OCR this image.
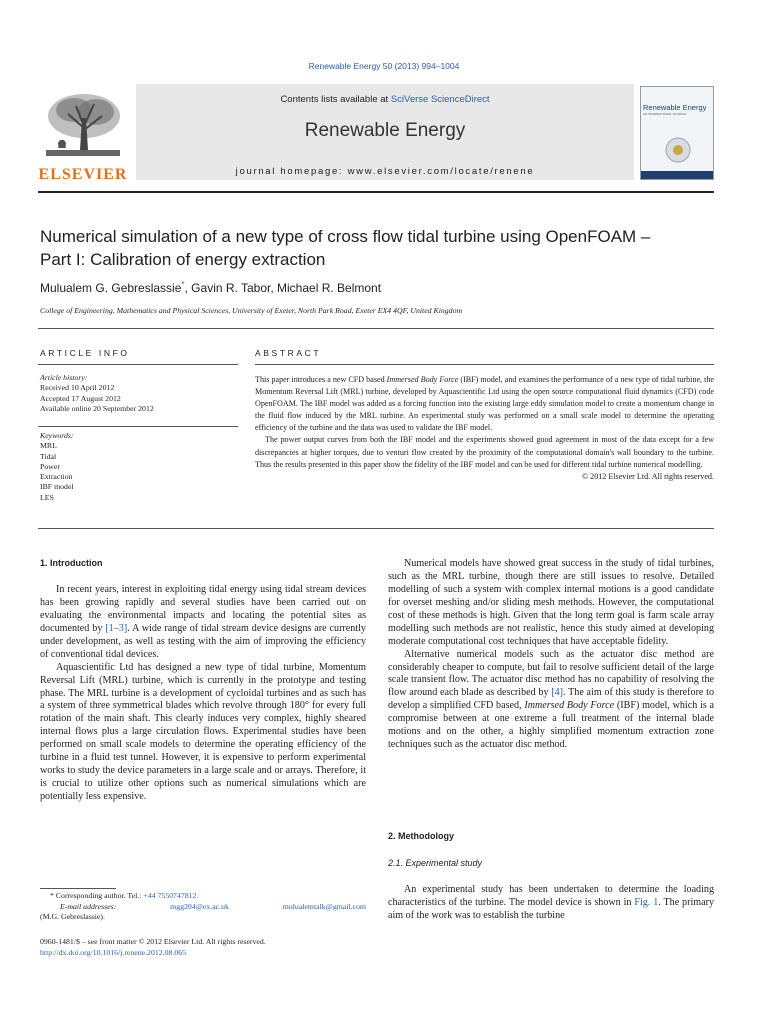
Renewable Energy 50 (2013) 994–1004
ELSEVIER
Contents lists available at SciVerse ScienceDirect
Renewable Energy
journal homepage: www.elsevier.com/locate/renene
Renewable Energy
AN INTERNATIONAL JOURNAL
Numerical simulation of a new type of cross flow tidal turbine using OpenFOAM –
Part I: Calibration of energy extraction
Mulualem G. Gebreslassie*, Gavin R. Tabor, Michael R. Belmont
College of Engineering, Mathematics and Physical Sciences, University of Exeter, North Park Road, Exeter EX4 4QF, United Kingdom
ARTICLE INFO
Article history:
Received 10 April 2012
Accepted 17 August 2012
Available online 20 September 2012
Keywords:
MRL
Tidal
Power
Extraction
IBF model
LES
ABSTRACT

This paper introduces a new CFD based Immersed Body Force (IBF) model, and examines the performance of a new type of tidal turbine, the Momentum Reversal Lift (MRL) turbine, developed by Aquascientific Ltd using the open source computational fluid dynamics (CFD) code OpenFOAM. The IBF model was added as a forcing function into the existing large eddy simulation model to create a momentum change in the fluid flow induced by the MRL turbine. An experimental study was performed on a small scale model to determine the operating efficiency of the turbine and the data was used to validate the IBF model.

The power output curves from both the IBF model and the experiments showed good agreement in most of the data except for a few discrepancies at higher torques, due to venturi flow created by the proximity of the computational domain's wall boundary to the turbine. Thus the results presented in this paper show the fidelity of the IBF model and can be used for different tidal turbine numerical modelling.

© 2012 Elsevier Ltd. All rights reserved.
1. Introduction

In recent years, interest in exploiting tidal energy using tidal stream devices has been growing rapidly and several studies have been carried out on evaluating the environmental impacts and locating the potential sites as documented by [1–3]. A wide range of tidal stream device designs are currently under development, as well as testing with the aim of improving the efficiency of conventional tidal devices.

Aquascientific Ltd has designed a new type of tidal turbine, Momentum Reversal Lift (MRL) turbine, which is currently in the prototype and testing phase. The MRL turbine is a development of cycloidal turbines and as such has a system of three symmetrical blades which revolve through 180° for every full rotation of the main shaft. This clearly induces very complex, highly sheared internal flows plus a large circulation flows. Experimental studies have been performed on small scale models to determine the operating efficiency of the turbine in a fluid test tunnel. However, it is expensive to perform experimental works to study the device parameters in a large scale and or arrays. Therefore, it is crucial to utilize other options such as numerical simulations which are potentially less expensive.

* Corresponding author. Tel.: +44 7550747812.
E-mail addresses:	mgg204@ex.ac.uk	mulualemtalk@gmail.com
(M.G. Gebreslassie).
0960-1481/$ – see front matter © 2012 Elsevier Ltd. All rights reserved.
http://dx.doi.org/10.1016/j.renene.2012.08.065

Numerical models have showed great success in the study of tidal turbines, such as the MRL turbine, though there are still issues to resolve. Detailed modelling of such a system with complex internal motions is a good candidate for overset meshing and/or sliding mesh methods. However, the computational cost of these methods is high. Given that the long term goal is farm scale array modelling such methods are not realistic, hence this study aimed at developing moderate computational cost techniques that have acceptable fidelity.

Alternative numerical models such as the actuator disc method are considerably cheaper to compute, but fail to resolve sufficient detail of the large scale transient flow. The actuator disc method has no capability of resolving the flow around each blade as described by [4]. The aim of this study is therefore to develop a simplified CFD based, Immersed Body Force (IBF) model, which is a compromise between at one extreme a full treatment of the internal blade motions and on the other, a highly simplified momentum extraction zone techniques such as the actuator disc method.

2. Methodology
2.1. Experimental study

An experimental study has been undertaken to determine the loading characteristics of the turbine. The model device is shown in Fig. 1. The primary aim of the work was to establish the turbine
